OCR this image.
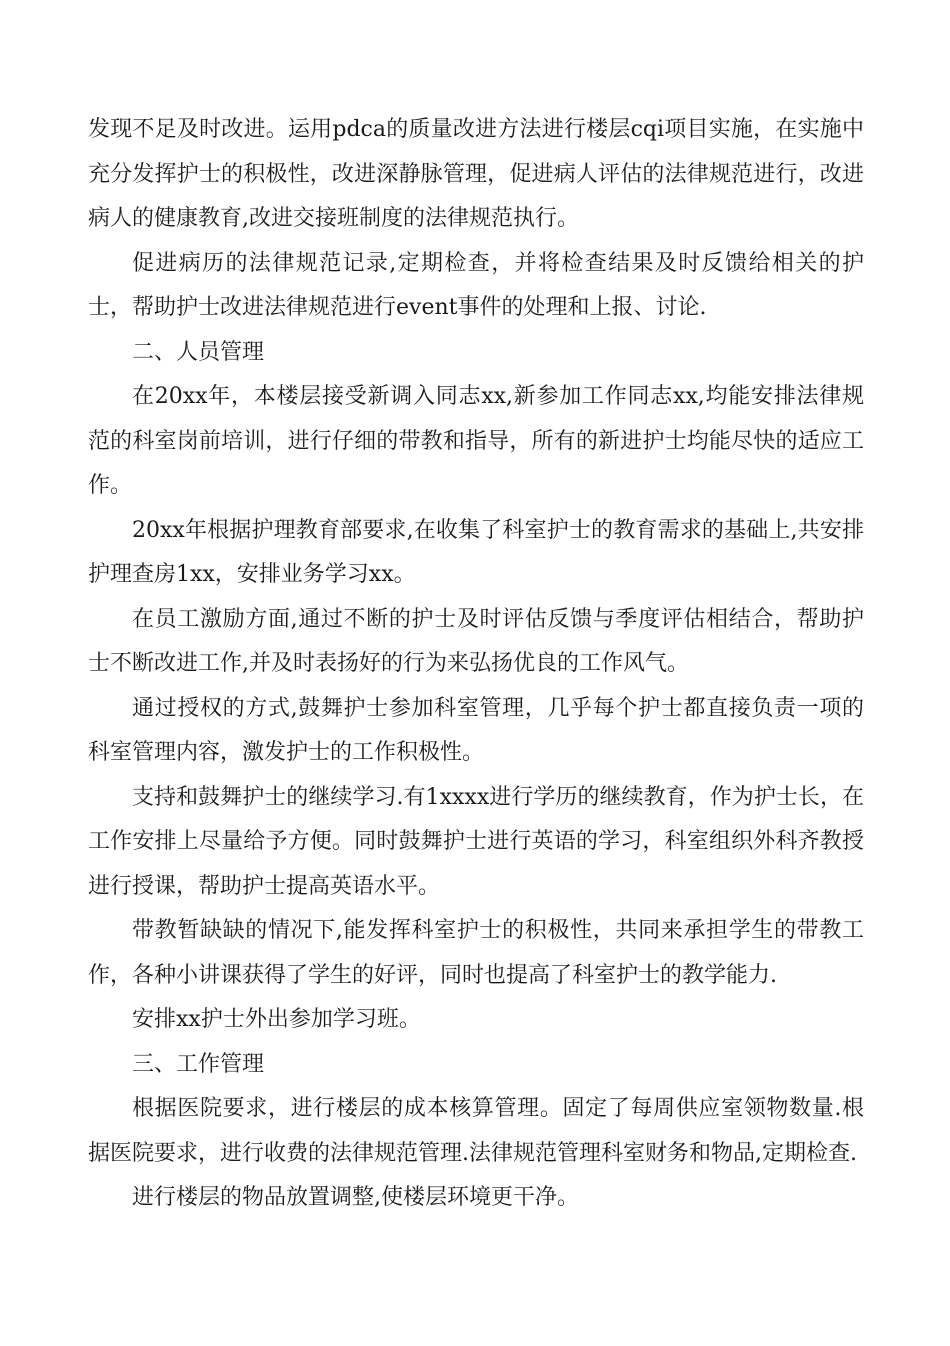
发现不足及时改进。运用pdca的质量改进方法进行楼层cqi项目实施，在实施中充分发挥护士的积极性，改进深静脉管理，促进病人评估的法律规范进行，改进病人的健康教育,改进交接班制度的法律规范执行。

促进病历的法律规范记录,定期检查，并将检查结果及时反馈给相关的护士，帮助护士改进法律规范进行event事件的处理和上报、讨论.

二、人员管理

在20xx年，本楼层接受新调入同志xx,新参加工作同志xx,均能安排法律规范的科室岗前培训，进行仔细的带教和指导，所有的新进护士均能尽快的适应工作。

20xx年根据护理教育部要求,在收集了科室护士的教育需求的基础上,共安排护理查房1xx，安排业务学习xx。

在员工激励方面,通过不断的护士及时评估反馈与季度评估相结合，帮助护士不断改进工作,并及时表扬好的行为来弘扬优良的工作风气。

通过授权的方式,鼓舞护士参加科室管理，几乎每个护士都直接负责一项的科室管理内容，激发护士的工作积极性。

支持和鼓舞护士的继续学习.有1xxxx进行学历的继续教育，作为护士长，在工作安排上尽量给予方便。同时鼓舞护士进行英语的学习，科室组织外科齐教授进行授课，帮助护士提高英语水平。

带教暂缺缺的情况下,能发挥科室护士的积极性，共同来承担学生的带教工作，各种小讲课获得了学生的好评，同时也提高了科室护士的教学能力.

安排xx护士外出参加学习班。

三、工作管理

根据医院要求，进行楼层的成本核算管理。固定了每周供应室领物数量.根据医院要求，进行收费的法律规范管理.法律规范管理科室财务和物品,定期检查.

进行楼层的物品放置调整,使楼层环境更干净。
